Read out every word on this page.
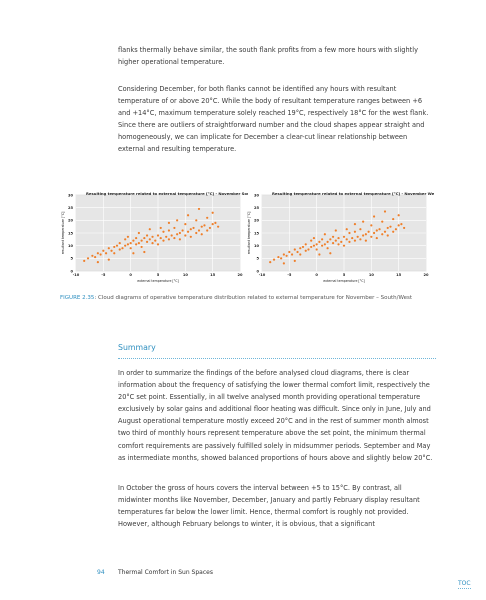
flanks thermally behave similar, the south flank profits from a few more hours with slightly higher operational temperature.

Considering December, for both flanks cannot be identified any hours with resultant temperature of or above 20°C. While the body of resultant temperature ranges between +6 and +14°C, maximum temperature solely reached 19°C, respectively 18°C for the west flank. Since there are outliers of straightforward number and the cloud shapes appear straight and homogeneously, we can implicate for December a clear-cut linear relationship between external and resulting temperature.

Resulting temperature related to external temperature [°C] - November South
0
5
10
15
20
25
30
-10	-5	0	5	10	15	20
external temperature [°C]
resultant temperature [°C]
Resulting temperature related to external temperature [°C] - November West
0
5
10
15
20
25
30
-10	-5	0	5	10	15	20
external temperature [°C]
resultant temperature [°C]
FIGURE 2.35: Cloud diagrams of operative temperature distribution related to external temperature for November – South/West
Summary

In order to summarize the findings of the before analysed cloud diagrams, there is clear information about the frequency of satisfying the lower thermal comfort limit, respectively the 20°C set point. Essentially, in all twelve analysed month providing operational temperature exclusively by solar gains and additional floor heating was difficult. Since only in June, July and August operational temperature mostly exceed 20°C and in the rest of summer month almost two third of monthly hours represent temperature above the set point, the minimum thermal comfort requirements are passively fulfilled solely in midsummer periods. September and May as intermediate months, showed balanced proportions of hours above and slightly below 20°C.

In October the gross of hours covers the interval between +5 to 15°C. By contrast, all midwinter months like November, December, January and partly February display resultant temperatures far below the lower limit. Hence, thermal comfort is roughly not provided. However, although February belongs to winter, it is obvious, that a significant

94 Thermal Comfort in Sun Spaces
TOC
